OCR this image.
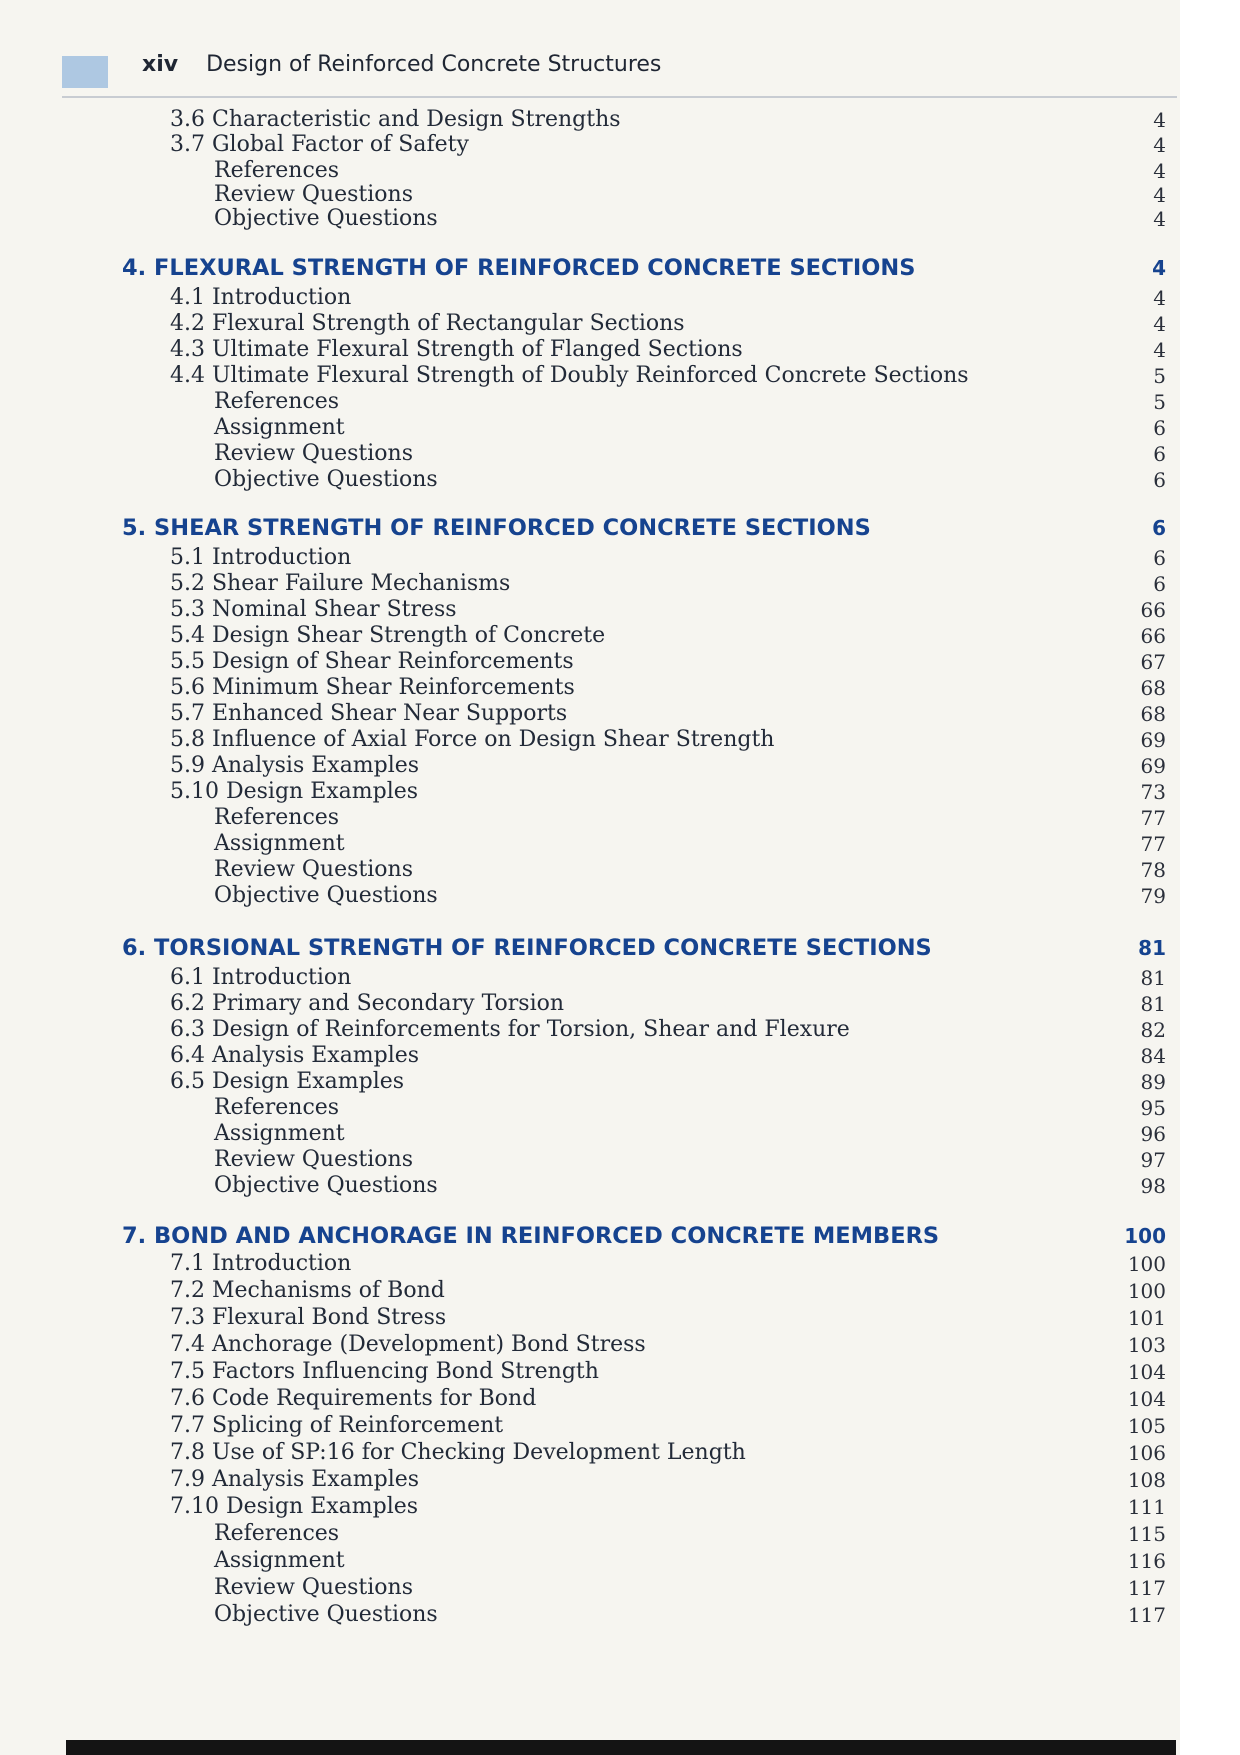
xiv Design of Reinforced Concrete Structures
3.6 Characteristic and Design Strengths	4
3.7 Global Factor of Safety	4
References	4
Review Questions	4
Objective Questions	4
4. FLEXURAL STRENGTH OF REINFORCED CONCRETE SECTIONS	4
4.1 Introduction	4
4.2 Flexural Strength of Rectangular Sections	4
4.3 Ultimate Flexural Strength of Flanged Sections	4
4.4 Ultimate Flexural Strength of Doubly Reinforced Concrete Sections	5
References	5
Assignment	6
Review Questions	6
Objective Questions	6
5. SHEAR STRENGTH OF REINFORCED CONCRETE SECTIONS	6
5.1 Introduction	6
5.2 Shear Failure Mechanisms	6
5.3 Nominal Shear Stress	66
5.4 Design Shear Strength of Concrete	66
5.5 Design of Shear Reinforcements	67
5.6 Minimum Shear Reinforcements	68
5.7 Enhanced Shear Near Supports	68
5.8 Influence of Axial Force on Design Shear Strength	69
5.9 Analysis Examples	69
5.10 Design Examples	73
References	77
Assignment	77
Review Questions	78
Objective Questions	79
6. TORSIONAL STRENGTH OF REINFORCED CONCRETE SECTIONS	81
6.1 Introduction	81
6.2 Primary and Secondary Torsion	81
6.3 Design of Reinforcements for Torsion, Shear and Flexure	82
6.4 Analysis Examples	84
6.5 Design Examples	89
References	95
Assignment	96
Review Questions	97
Objective Questions	98
7. BOND AND ANCHORAGE IN REINFORCED CONCRETE MEMBERS	100
7.1 Introduction	100
7.2 Mechanisms of Bond	100
7.3 Flexural Bond Stress	101
7.4 Anchorage (Development) Bond Stress	103
7.5 Factors Influencing Bond Strength	104
7.6 Code Requirements for Bond	104
7.7 Splicing of Reinforcement	105
7.8 Use of SP:16 for Checking Development Length	106
7.9 Analysis Examples	108
7.10 Design Examples	111
References	115
Assignment	116
Review Questions	117
Objective Questions	117
